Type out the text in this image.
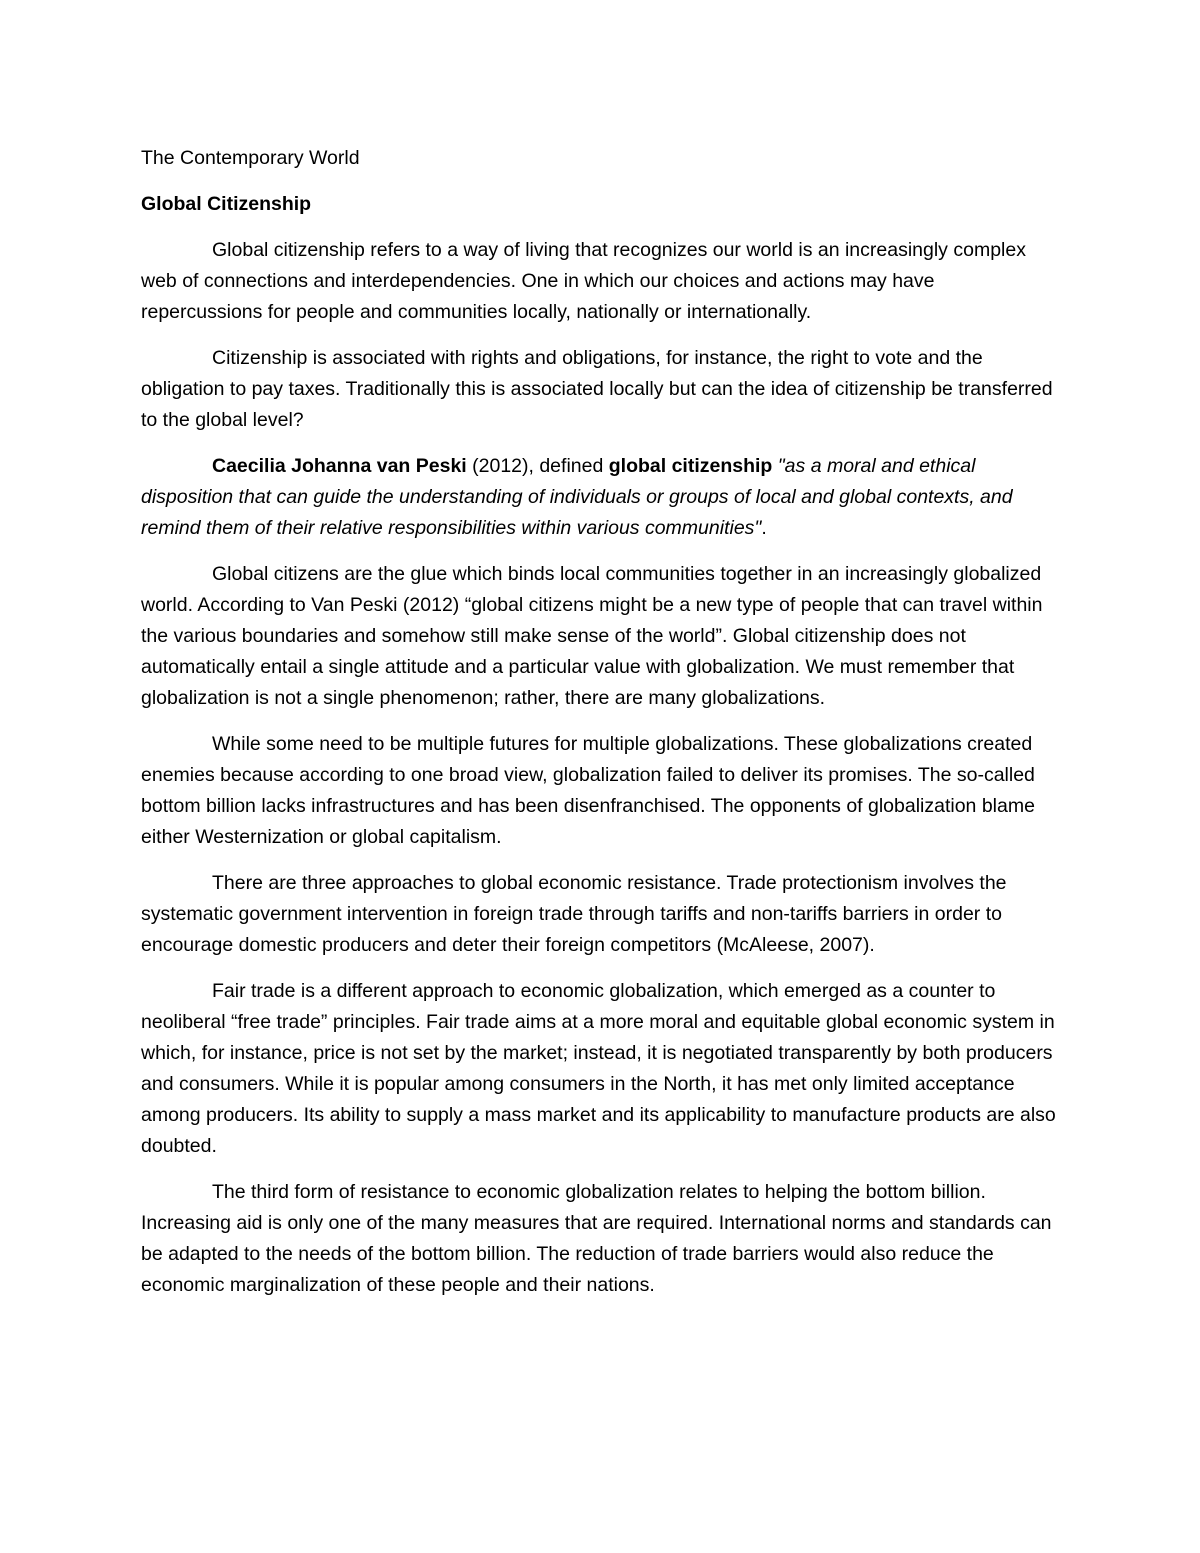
The Contemporary World

Global Citizenship

Global citizenship refers to a way of living that recognizes our world is an increasingly complex web of connections and interdependencies. One in which our choices and actions may have repercussions for people and communities locally, nationally or internationally.

Citizenship is associated with rights and obligations, for instance, the right to vote and the obligation to pay taxes. Traditionally this is associated locally but can the idea of citizenship be transferred to the global level?

Caecilia Johanna van Peski (2012), defined global citizenship "as a moral and ethical disposition that can guide the understanding of individuals or groups of local and global contexts, and remind them of their relative responsibilities within various communities".

Global citizens are the glue which binds local communities together in an increasingly globalized world. According to Van Peski (2012) “global citizens might be a new type of people that can travel within the various boundaries and somehow still make sense of the world”. Global citizenship does not automatically entail a single attitude and a particular value with globalization. We must remember that globalization is not a single phenomenon; rather, there are many globalizations.

While some need to be multiple futures for multiple globalizations. These globalizations created enemies because according to one broad view, globalization failed to deliver its promises. The so-called bottom billion lacks infrastructures and has been disenfranchised. The opponents of globalization blame either Westernization or global capitalism.

There are three approaches to global economic resistance. Trade protectionism involves the systematic government intervention in foreign trade through tariffs and non-tariffs barriers in order to encourage domestic producers and deter their foreign competitors (McAleese, 2007).

Fair trade is a different approach to economic globalization, which emerged as a counter to neoliberal “free trade” principles. Fair trade aims at a more moral and equitable global economic system in which, for instance, price is not set by the market; instead, it is negotiated transparently by both producers and consumers. While it is popular among consumers in the North, it has met only limited acceptance among producers. Its ability to supply a mass market and its applicability to manufacture products are also doubted.

The third form of resistance to economic globalization relates to helping the bottom billion. Increasing aid is only one of the many measures that are required. International norms and standards can be adapted to the needs of the bottom billion. The reduction of trade barriers would also reduce the economic marginalization of these people and their nations.
